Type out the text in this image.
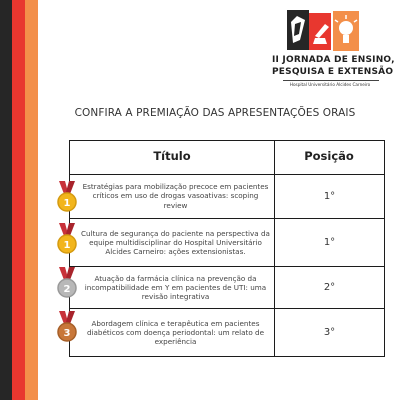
II JORNADA DE ENSINO,
PESQUISA E EXTENSÃO
Hospital Universitário Alcides Carneiro
CONFIRA A PREMIAÇÃO DAS APRESENTAÇÕES ORAIS
Título	Posição
Estratégias para mobilização precoce em pacientes críticos em uso de drogas vasoativas: scoping review
1°
Cultura de segurança do paciente na perspectiva da equipe multidisciplinar do Hospital Universitário Alcides Carneiro: ações extensionistas.
1°
Atuação da farmácia clínica na prevenção da incompatibilidade em Y em pacientes de UTI: uma revisão integrativa
2°
Abordagem clínica e terapêutica em pacientes diabéticos com doença periodontal: um relato de experiência
3°
1
1
2
3
